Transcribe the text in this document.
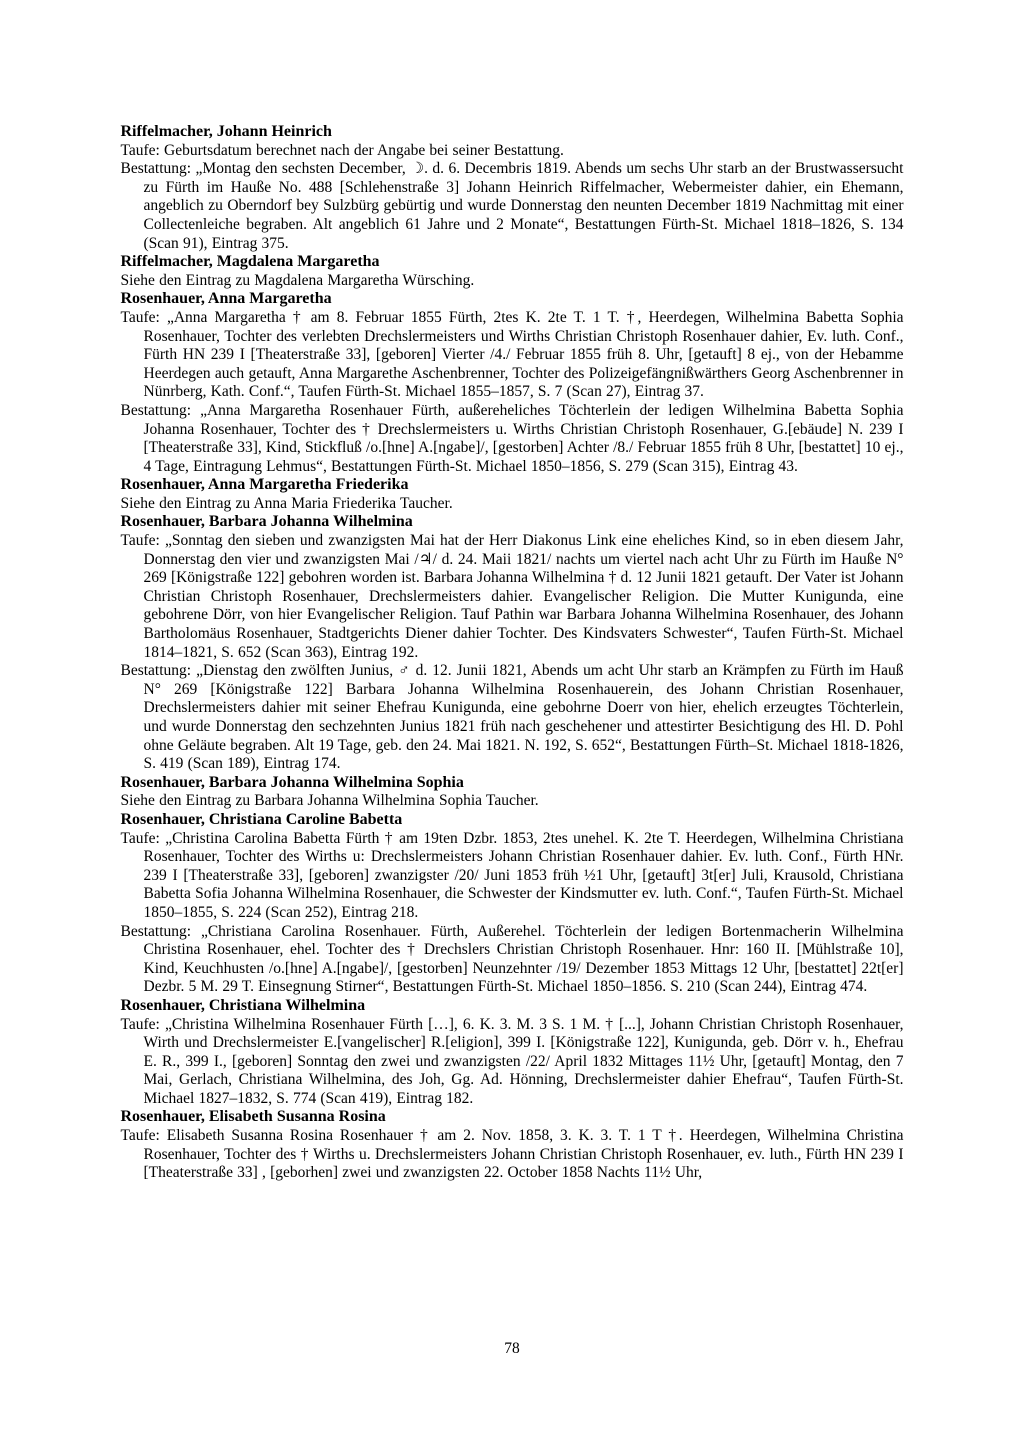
Riffelmacher, Johann Heinrich

Taufe: Geburtsdatum berechnet nach der Angabe bei seiner Bestattung.

Bestattung: „Montag den sechsten December, ☽. d. 6. Decembris 1819. Abends um sechs Uhr starb an der Brustwassersucht zu Fürth im Hauße No. 488 [Schlehenstraße 3] Johann Heinrich Riffelmacher, Webermeister dahier, ein Ehemann, angeblich zu Oberndorf bey Sulzbürg gebürtig und wurde Donnerstag den neunten December 1819 Nachmittag mit einer Collectenleiche begraben. Alt angeblich 61 Jahre und 2 Monate“, Bestattungen Fürth-St. Michael 1818–1826, S. 134 (Scan 91), Eintrag 375.

Riffelmacher, Magdalena Margaretha

Siehe den Eintrag zu Magdalena Margaretha Würsching.

Rosenhauer, Anna Margaretha

Taufe: „Anna Margaretha † am 8. Februar 1855 Fürth, 2tes K. 2te T. 1 T. †, Heerdegen, Wilhelmina Babetta Sophia Rosenhauer, Tochter des verlebten Drechslermeisters und Wirths Christian Christoph Rosenhauer dahier, Ev. luth. Conf., Fürth HN 239 I [Theaterstraße 33], [geboren] Vierter /4./ Februar 1855 früh 8. Uhr, [getauft] 8 ej., von der Hebamme Heerdegen auch getauft, Anna Margarethe Aschenbrenner, Tochter des Polizeigefängnißwärthers Georg Aschenbrenner in Nünrberg, Kath. Conf.“, Taufen Fürth-St. Michael 1855–1857, S. 7 (Scan 27), Eintrag 37.

Bestattung: „Anna Margaretha Rosenhauer Fürth, außereheliches Töchterlein der ledigen Wilhelmina Babetta Sophia Johanna Rosenhauer, Tochter des † Drechslermeisters u. Wirths Christian Christoph Rosenhauer, G.[ebäude] N. 239 I [Theaterstraße 33], Kind, Stickfluß /o.[hne] A.[ngabe]/, [gestorben] Achter /8./ Februar 1855 früh 8 Uhr, [bestattet] 10 ej., 4 Tage, Eintragung Lehmus“, Bestattungen Fürth-St. Michael 1850–1856, S. 279 (Scan 315), Eintrag 43.

Rosenhauer, Anna Margaretha Friederika

Siehe den Eintrag zu Anna Maria Friederika Taucher.

Rosenhauer, Barbara Johanna Wilhelmina

Taufe: „Sonntag den sieben und zwanzigsten Mai hat der Herr Diakonus Link eine eheliches Kind, so in eben diesem Jahr, Donnerstag den vier und zwanzigsten Mai /♃/ d. 24. Maii 1821/ nachts um viertel nach acht Uhr zu Fürth im Hauße N° 269 [Königstraße 122] gebohren worden ist. Barbara Johanna Wilhelmina † d. 12 Junii 1821 getauft. Der Vater ist Johann Christian Christoph Rosenhauer, Drechslermeisters dahier. Evangelischer Religion. Die Mutter Kunigunda, eine gebohrene Dörr, von hier Evangelischer Religion. Tauf Pathin war Barbara Johanna Wilhelmina Rosenhauer, des Johann Bartholomäus Rosenhauer, Stadtgerichts Diener dahier Tochter. Des Kindsvaters Schwester“, Taufen Fürth-St. Michael 1814–1821, S. 652 (Scan 363), Eintrag 192.

Bestattung: „Dienstag den zwölften Junius, ♂ d. 12. Junii 1821, Abends um acht Uhr starb an Krämpfen zu Fürth im Hauß N° 269 [Königstraße 122] Barbara Johanna Wilhelmina Rosenhauerein, des Johann Christian Rosenhauer, Drechslermeisters dahier mit seiner Ehefrau Kunigunda, eine gebohrne Doerr von hier, ehelich erzeugtes Töchterlein, und wurde Donnerstag den sechzehnten Junius 1821 früh nach geschehener und attestirter Besichtigung des Hl. D. Pohl ohne Geläute begraben. Alt 19 Tage, geb. den 24. Mai 1821. N. 192, S. 652“, Bestattungen Fürth–St. Michael 1818-1826, S. 419 (Scan 189), Eintrag 174.

Rosenhauer, Barbara Johanna Wilhelmina Sophia

Siehe den Eintrag zu Barbara Johanna Wilhelmina Sophia Taucher.

Rosenhauer, Christiana Caroline Babetta

Taufe: „Christina Carolina Babetta Fürth † am 19ten Dzbr. 1853, 2tes unehel. K. 2te T. Heerdegen, Wilhelmina Christiana Rosenhauer, Tochter des Wirths u: Drechslermeisters Johann Christian Rosenhauer dahier. Ev. luth. Conf., Fürth HNr. 239 I [Theaterstraße 33], [geboren] zwanzigster /20/ Juni 1853 früh ½1 Uhr, [getauft] 3t[er] Juli, Krausold, Christiana Babetta Sofia Johanna Wilhelmina Rosenhauer, die Schwester der Kindsmutter ev. luth. Conf.“, Taufen Fürth-St. Michael 1850–1855, S. 224 (Scan 252), Eintrag 218.

Bestattung: „Christiana Carolina Rosenhauer. Fürth, Außerehel. Töchterlein der ledigen Bortenmacherin Wilhelmina Christina Rosenhauer, ehel. Tochter des † Drechslers Christian Christoph Rosenhauer. Hnr: 160 II. [Mühlstraße 10], Kind, Keuchhusten /o.[hne] A.[ngabe]/, [gestorben] Neunzehnter /19/ Dezember 1853 Mittags 12 Uhr, [bestattet] 22t[er] Dezbr. 5 M. 29 T. Einsegnung Stirner“, Bestattungen Fürth-St. Michael 1850–1856. S. 210 (Scan 244), Eintrag 474.

Rosenhauer, Christiana Wilhelmina

Taufe: „Christina Wilhelmina Rosenhauer Fürth […], 6. K. 3. M. 3 S. 1 M. † [...], Johann Christian Christoph Rosenhauer, Wirth und Drechslermeister E.[vangelischer] R.[eligion], 399 I. [Königstraße 122], Kunigunda, geb. Dörr v. h., Ehefrau E. R., 399 I., [geboren] Sonntag den zwei und zwanzigsten /22/ April 1832 Mittages 11½ Uhr, [getauft] Montag, den 7 Mai, Gerlach, Christiana Wilhelmina, des Joh, Gg. Ad. Hönning, Drechslermeister dahier Ehefrau“, Taufen Fürth-St. Michael 1827–1832, S. 774 (Scan 419), Eintrag 182.

Rosenhauer, Elisabeth Susanna Rosina

Taufe: Elisabeth Susanna Rosina Rosenhauer † am 2. Nov. 1858, 3. K. 3. T. 1 T †. Heerdegen, Wilhelmina Christina Rosenhauer, Tochter des † Wirths u. Drechslermeisters Johann Christian Christoph Rosenhauer, ev. luth., Fürth HN 239 I [Theaterstraße 33] , [geborhen] zwei und zwanzigsten 22. October 1858 Nachts 11½ Uhr,

78
